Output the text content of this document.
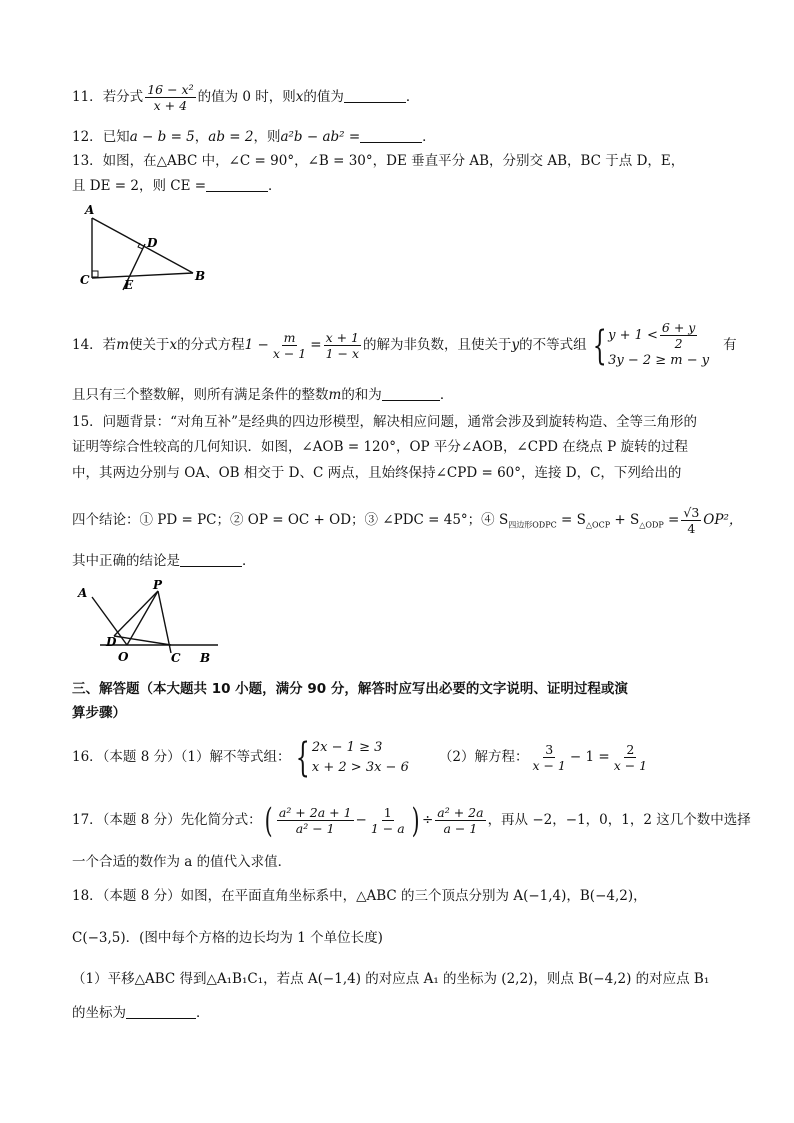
11．若分式 $\frac{\text{16 − x²}}{x + 4}$ 的值为 0 时，则x的值为	．
12．已知a − b = 5，ab = 2，则a²b − ab² =	．
13．如图，在△ABC 中，∠C = 90°，∠B = 30°，DE 垂直平分 AB，分别交 AB，BC 于点 D，E，
且 DE = 2，则 CE =	．
A
C	B
D
E
14．若m使关于x的分式方程$1 - \frac{m}{x - 1} = \frac{x + 1}{1 - x}$ 的解为非负数，且使关于y的不等式组 { $y + 1 < \frac{6 + y}{2}$
3y − 2 ≥ m − y
有
且只有三个整数解，则所有满足条件的整数m的和为	．
15．问题背景：“对角互补”是经典的四边形模型，解决相应问题，通常会涉及到旋转构造、全等三角形的
证明等综合性较高的几何知识．如图，∠AOB = 120°，OP 平分∠AOB，∠CPD 在绕点 P 旋转的过程
中，其两边分别与 OA、OB 相交于 D、C 两点，且始终保持∠CPD = 60°，连接 D，C，下列给出的
四个结论：① PD = PC；② OP = OC + OD；③ ∠PDC = 45°；④ $S_{四边形ODPC} = S_{\triangle OCP} + S_{\triangle ODP} = \frac{√3}{4} OP^2$，
其中正确的结论是	．
A
P
D
O	C B
三、解答题（本大题共 10 小题，满分 90 分，解答时应写出必要的文字说明、证明过程或演
算步骤）
16．（本题 8 分）（1）解不等式组： { 2x − 1 ≥ 3
x + 2 > 3x − 6
（2）解方程： $\frac{3}{x - 1} - 1 = \frac{2}{x - 1}$
17．（本题 8 分）先化简分式：( $\frac{\text{a² + 2a + 1}}{\text{a² − 1}} - \frac{1}{1 - a}$ ) ÷ $\frac{\text{a² + 2a}}{a - 1}$ ，再从 −2，−1，0，1，2 这几个数中选择
一个合适的数作为 a 的值代入求值．
18．（本题 8 分）如图，在平面直角坐标系中，△ABC 的三个顶点分别为 A(−1,4)，B(−4,2)，
C(−3,5)．(图中每个方格的边长均为 1 个单位长度)
（1）平移△ABC 得到△A₁B₁C₁，若点 A(−1,4) 的对应点 A₁ 的坐标为 (2,2)，则点 B(−4,2) 的对应点 B₁
的坐标为	．
